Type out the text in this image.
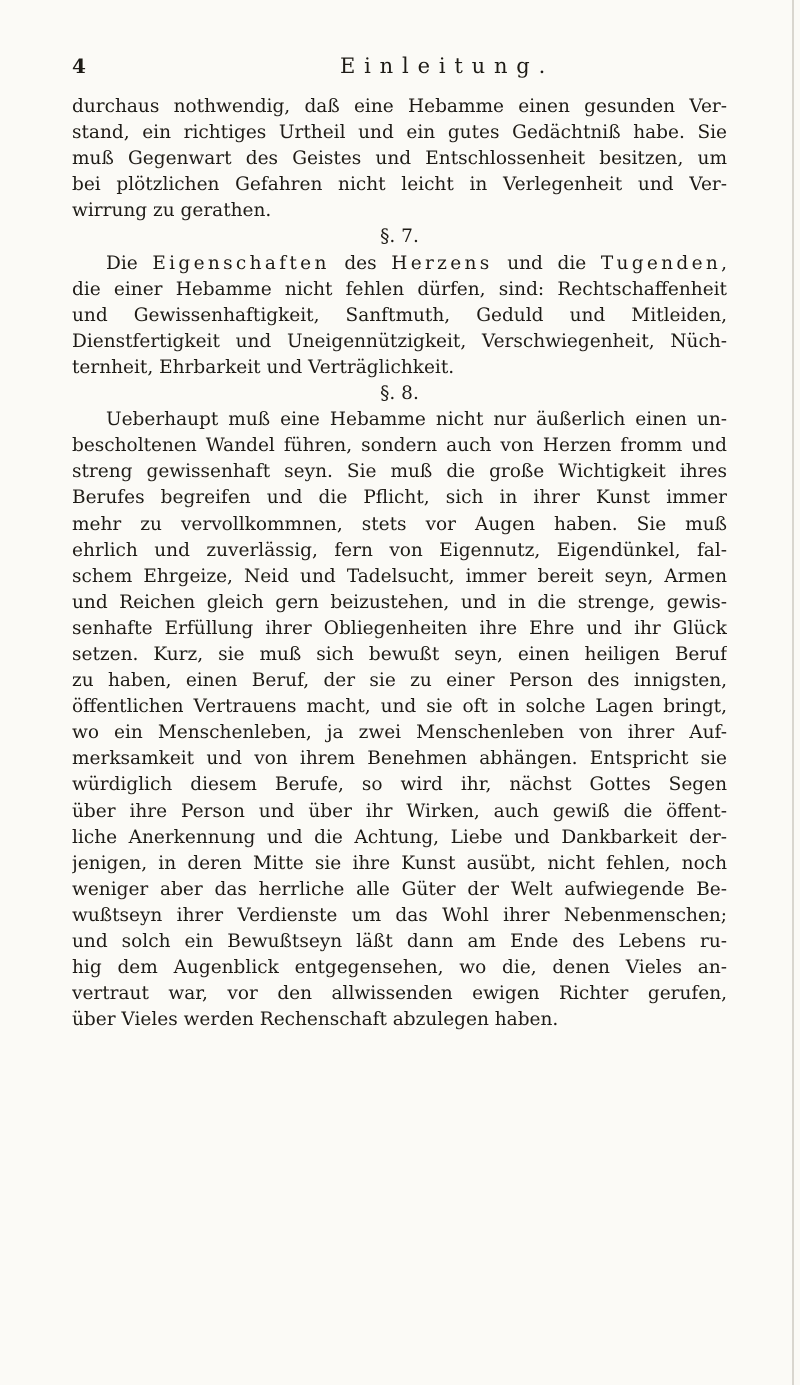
4	Einleitung.
durchaus nothwendig, daß eine Hebamme einen gesunden Ver-
stand, ein richtiges Urtheil und ein gutes Gedächtniß habe. Sie
muß Gegenwart des Geistes und Entschlossenheit besitzen, um
bei plötzlichen Gefahren nicht leicht in Verlegenheit und Ver-
wirrung zu gerathen.
§. 7.
Die Eigenschaften des Herzens und die Tugenden,
die einer Hebamme nicht fehlen dürfen, sind: Rechtschaffenheit
und Gewissenhaftigkeit, Sanftmuth, Geduld und Mitleiden,
Dienstfertigkeit und Uneigennützigkeit, Verschwiegenheit, Nüch-
ternheit, Ehrbarkeit und Verträglichkeit.
§. 8.
Ueberhaupt muß eine Hebamme nicht nur äußerlich einen un-
bescholtenen Wandel führen, sondern auch von Herzen fromm und
streng gewissenhaft seyn. Sie muß die große Wichtigkeit ihres
Berufes begreifen und die Pflicht, sich in ihrer Kunst immer
mehr zu vervollkommnen, stets vor Augen haben. Sie muß
ehrlich und zuverlässig, fern von Eigennutz, Eigendünkel, fal-
schem Ehrgeize, Neid und Tadelsucht, immer bereit seyn, Armen
und Reichen gleich gern beizustehen, und in die strenge, gewis-
senhafte Erfüllung ihrer Obliegenheiten ihre Ehre und ihr Glück
setzen. Kurz, sie muß sich bewußt seyn, einen heiligen Beruf
zu haben, einen Beruf, der sie zu einer Person des innigsten,
öffentlichen Vertrauens macht, und sie oft in solche Lagen bringt,
wo ein Menschenleben, ja zwei Menschenleben von ihrer Auf-
merksamkeit und von ihrem Benehmen abhängen. Entspricht sie
würdiglich diesem Berufe, so wird ihr, nächst Gottes Segen
über ihre Person und über ihr Wirken, auch gewiß die öffent-
liche Anerkennung und die Achtung, Liebe und Dankbarkeit der-
jenigen, in deren Mitte sie ihre Kunst ausübt, nicht fehlen, noch
weniger aber das herrliche alle Güter der Welt aufwiegende Be-
wußtseyn ihrer Verdienste um das Wohl ihrer Nebenmenschen;
und solch ein Bewußtseyn läßt dann am Ende des Lebens ru-
hig dem Augenblick entgegensehen, wo die, denen Vieles an-
vertraut war, vor den allwissenden ewigen Richter gerufen,
über Vieles werden Rechenschaft abzulegen haben.
